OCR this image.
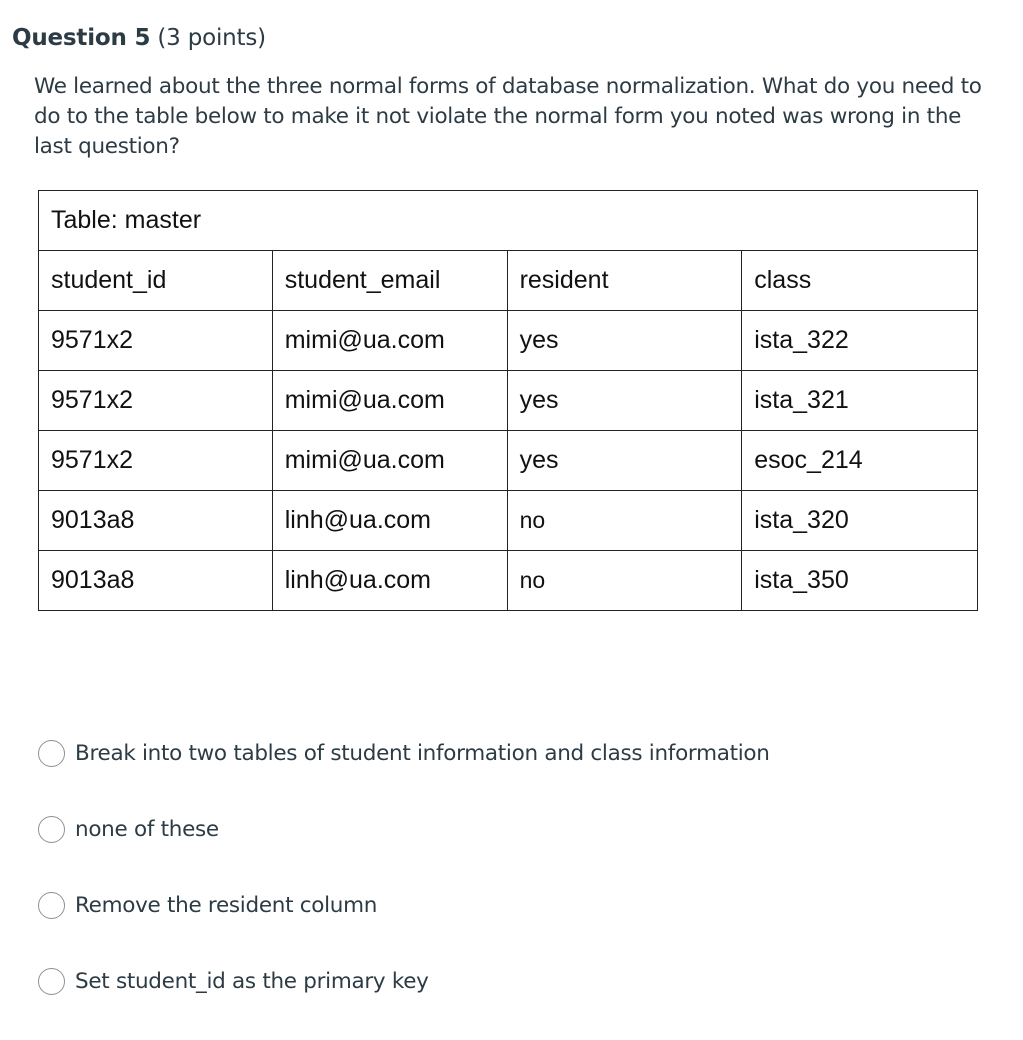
Question 5 (3 points)
We learned about the three normal forms of database normalization. What do you need to do to the table below to make it not violate the normal form you noted was wrong in the last question?
Table: master			
student_id	student_email	resident	class
9571x2	mimi@ua.com	yes	ista_322
9571x2	mimi@ua.com	yes	ista_321
9571x2	mimi@ua.com	yes	esoc_214
9013a8	linh@ua.com	no	ista_320
9013a8	linh@ua.com	no	ista_350
Break into two tables of student information and class information
none of these
Remove the resident column
Set student_id as the primary key
